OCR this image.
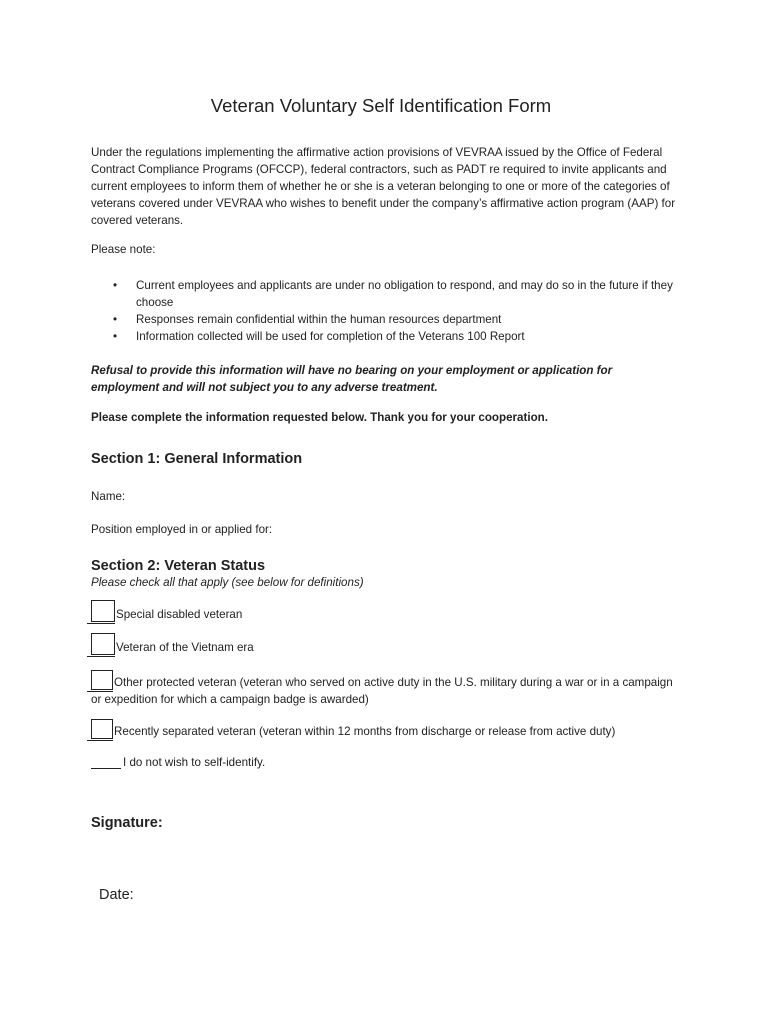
Veteran Voluntary Self Identification Form

Under the regulations implementing the affirmative action provisions of VEVRAA issued by the Office of Federal Contract Compliance Programs (OFCCP), federal contractors, such as PADT re required to invite applicants and current employees to inform them of whether he or she is a veteran belonging to one or more of the categories of veterans covered under VEVRAA who wishes to benefit under the company’s affirmative action program (AAP) for covered veterans.

Please note:

• Current employees and applicants are under no obligation to respond, and may do so in the future if they choose
• Responses remain confidential within the human resources department
• Information collected will be used for completion of the Veterans 100 Report

Refusal to provide this information will have no bearing on your employment or application for employment and will not subject you to any adverse treatment.

Please complete the information requested below. Thank you for your cooperation.

Section 1: General Information

Name:

Position employed in or applied for:

Section 2: Veteran Status

Please check all that apply (see below for definitions)

Special disabled veteran
Veteran of the Vietnam era
Other protected veteran (veteran who served on active duty in the U.S. military during a war or in a campaign or expedition for which a campaign badge is awarded)
Recently separated veteran (veteran within 12 months from discharge or release from active duty)
I do not wish to self-identify.

Signature:

Date:
